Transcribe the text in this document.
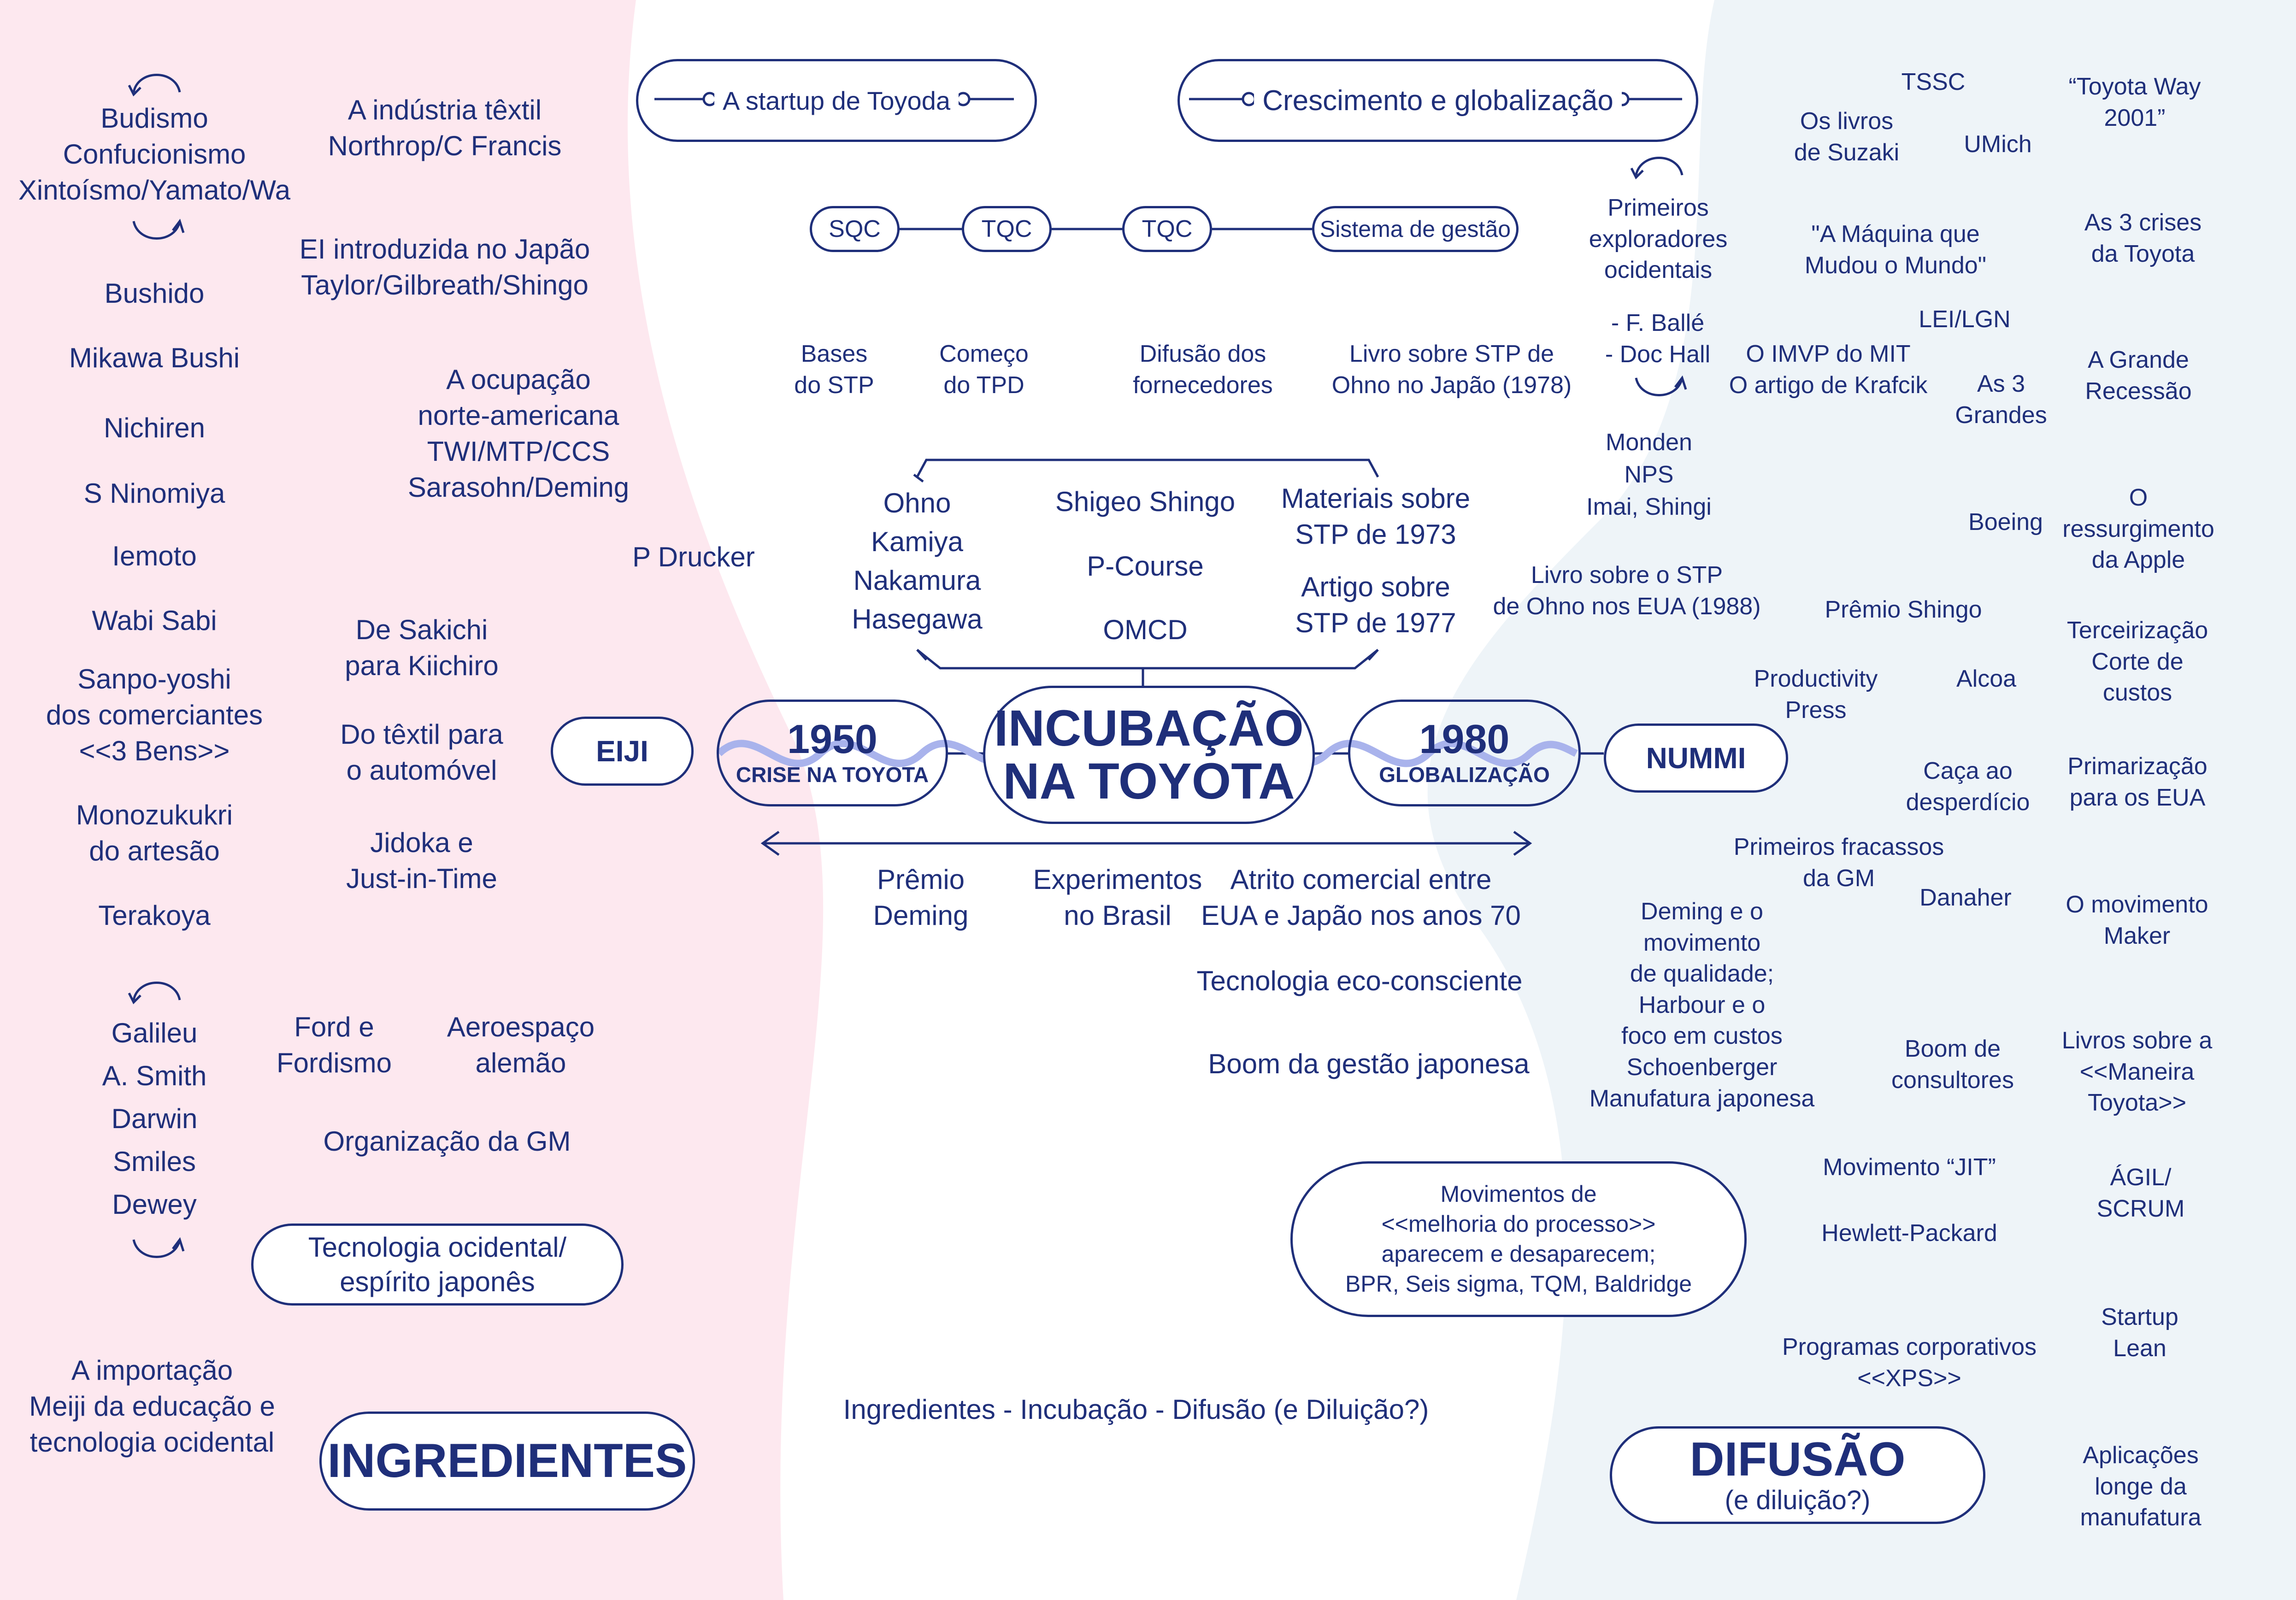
Budismo
Confucionismo
Xintoísmo/Yamato/Wa
Bushido
Mikawa Bushi
Nichiren
S Ninomiya
Iemoto
Wabi Sabi
Sanpo-yoshi
dos comerciantes
<<3 Bens>>
Monozukukri
do artesão
Terakoya
Galileu
A. Smith
Darwin
Smiles
Dewey
A importação
Meiji da educação e
tecnologia ocidental
A indústria têxtil
Northrop/C Francis
EI introduzida no Japão
Taylor/Gilbreath/Shingo
A ocupação
norte-americana
TWI/MTP/CCS
Sarasohn/Deming
P Drucker
De Sakichi
para Kiichiro
Do têxtil para
o automóvel
Jidoka e
Just-in-Time
Ford e
Fordismo
Aeroespaço
alemão
Organização da GM
Tecnologia ocidental/
espírito japonês
INGREDIENTES
EIJI
A startup de Toyoda	Crescimento e globalização
SQC	TQC	TQC	Sistema de gestão
Bases
do STP
Começo
do TPD
Difusão dos
fornecedores
Livro sobre STP de
Ohno no Japão (1978)
Ohno
Kamiya
Nakamura
Hasegawa
Shigeo Shingo
P-Course
OMCD
Materiais sobre
STP de 1973
Artigo sobre
STP de 1977
1950
CRISE NA TOYOTA
INCUBAÇÃO
NA TOYOTA
1980
GLOBALIZAÇÃO
Prêmio
Deming
Experimentos
no Brasil
Atrito comercial entre
EUA e Japão nos anos 70
Tecnologia eco-consciente
Boom da gestão japonesa
Ingredientes - Incubação - Difusão (e Diluição?)
NUMMI
TSSC	“Toyota Way
2001”
Os livros
de Suzaki	UMich
Primeiros
exploradores
ocidentais
"A Máquina que
Mudou o Mundo"
As 3 crises
da Toyota
- F. Ballé
- Doc Hall	O IMVP do MIT
O artigo de Krafcik
LEI/LGN
As 3
Grandes
A Grande
Recessão
Monden
NPS
Imai, Shingi
Boeing
O ressurgimento
da Apple
Livro sobre o STP
de Ohno nos EUA (1988)	Prêmio Shingo
Terceirização
Corte de custos
Productivity
Press
Alcoa
Caça ao
desperdício
Primarização
para os EUA
Primeiros fracassos
da GM
Danaher O movimento
Maker
Deming e o
movimento
de qualidade;
Harbour e o
foco em custos
Schoenberger
Manufatura japonesa
Boom de
consultores
Livros sobre a
<<Maneira Toyota>>
Movimento “JIT”	ÁGIL/
SCRUM
Hewlett-Packard
Movimentos de
<<melhoria do processo>>
aparecem e desaparecem;
BPR, Seis sigma, TQM, Baldridge
Startup
Lean
Programas corporativos
<<XPS>>
Aplicações
longe da
manufatura
DIFUSÃO
(e diluição?)
